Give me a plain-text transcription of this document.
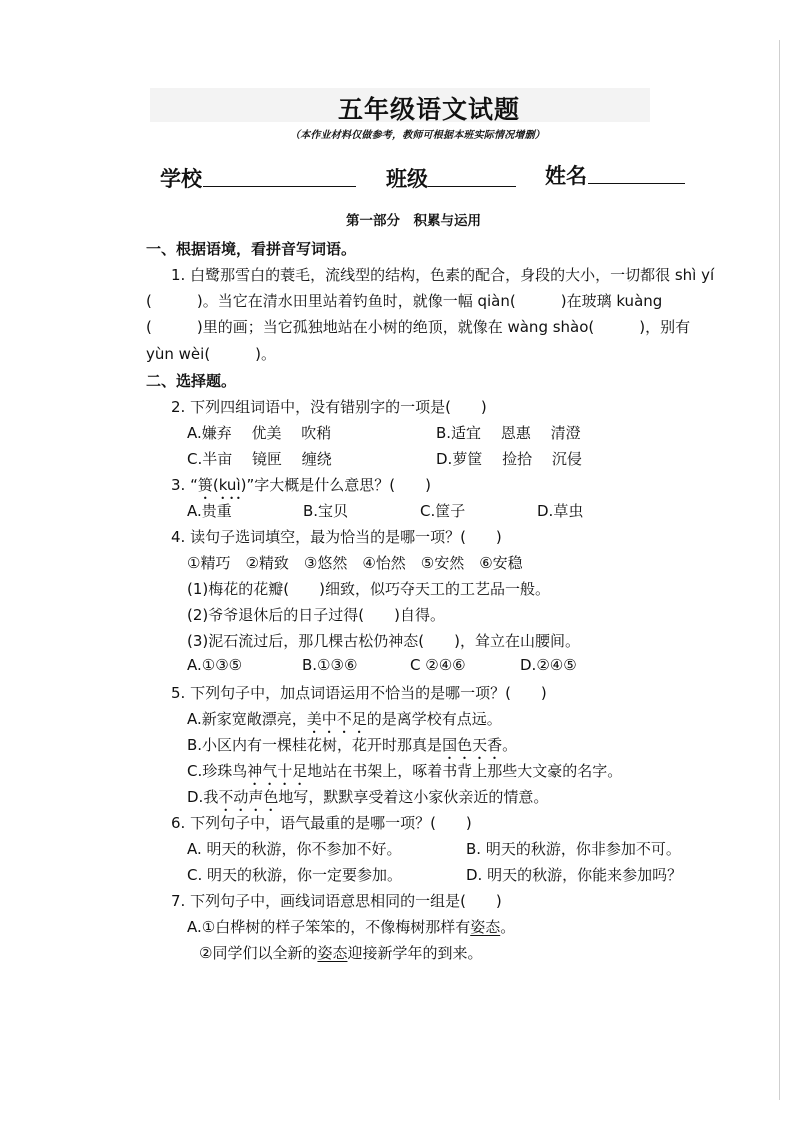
五年级语文试题
（本作业材料仅做参考，教师可根据本班实际情况增删）
学校	班级	姓名
第一部分　积累与运用
一、根据语境，看拼音写词语。
1. 白鹭那雪白的蓑毛，流线型的结构，色素的配合，身段的大小，一切都很 shì yí
(　　　)。当它在清水田里站着钓鱼时，就像一幅 qiàn(　　　)在玻璃 kuàng
(　　　)里的画；当它孤独地站在小树的绝顶，就像在 wàng shào(　　　)，别有
yùn wèi(　　　)。
二、选择题。
2. 下列四组词语中，没有错别字的一项是(　　)
A.嫌弃　 优美　 吹稍	B.适宜　 恩惠　 清澄
C.半亩　 镜匣　 缠绕	D.萝筐　 捡拾　 沉侵
3. “篑(kuì)”字大概是什么意思？(　　)
A.贵重	B.宝贝	C.筐子	D.草虫
4. 读句子选词填空，最为恰当的是哪一项？(　　)
①精巧　②精致　③悠然　④怡然　⑤安然　⑥安稳
(1)梅花的花瓣(　　)细致，似巧夺天工的工艺品一般。
(2)爷爷退休后的日子过得(　　)自得。
(3)泥石流过后，那几棵古松仍神态(　　)，耸立在山腰间。
A.①③⑤	B.①③⑥	C ②④⑥	D.②④⑤
5. 下列句子中，加点词语运用不恰当的是哪一项？(　　)
A.新家宽敞漂亮，美中不足的是离学校有点远。
B.小区内有一棵桂花树，花开时那真是国色天香。
C.珍珠鸟神气十足地站在书架上，啄着书背上那些大文豪的名字。
D.我不动声色地写，默默享受着这小家伙亲近的情意。
6. 下列句子中，语气最重的是哪一项？(　　)
A. 明天的秋游，你不参加不好。	B. 明天的秋游，你非参加不可。
C. 明天的秋游，你一定要参加。	D. 明天的秋游，你能来参加吗？
7. 下列句子中，画线词语意思相同的一组是(　　)
A.①白桦树的样子笨笨的，不像梅树那样有姿态。
②同学们以全新的姿态迎接新学年的到来。
